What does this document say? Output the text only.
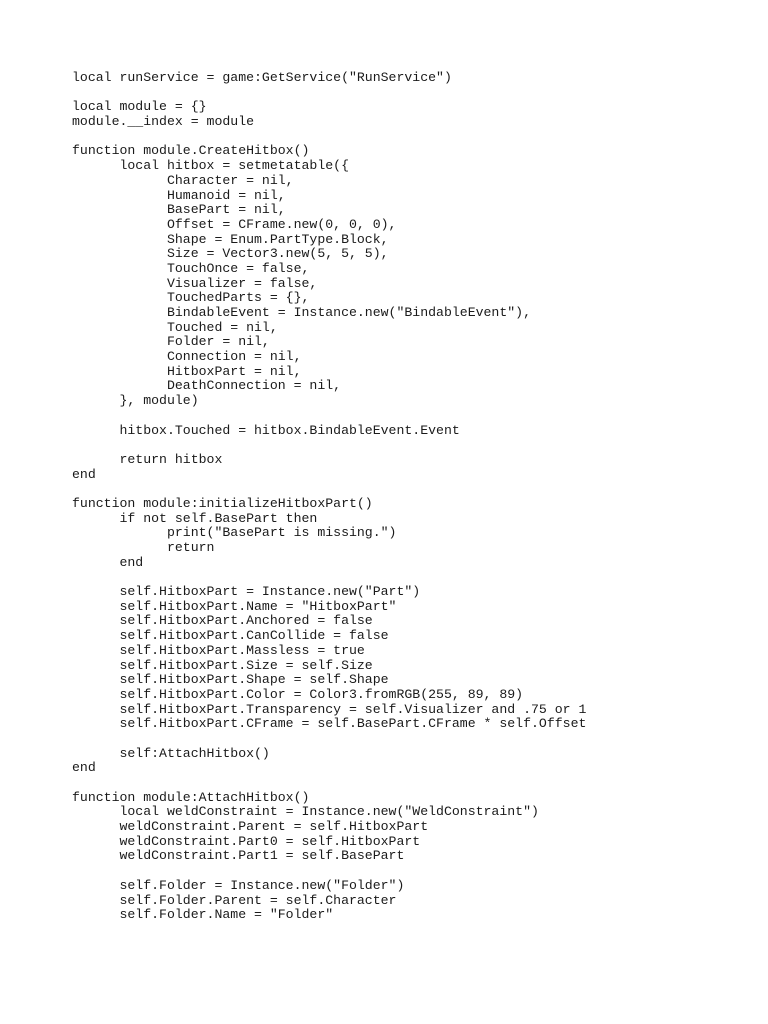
local runService = game:GetService("RunService")
local module = {}
module.__index = module
function module.CreateHitbox()
local hitbox = setmetatable({
Character = nil,
Humanoid = nil,
BasePart = nil,
Offset = CFrame.new(0, 0, 0),
Shape = Enum.PartType.Block,
Size = Vector3.new(5, 5, 5),
TouchOnce = false,
Visualizer = false,
TouchedParts = {},
BindableEvent = Instance.new("BindableEvent"),
Touched = nil,
Folder = nil,
Connection = nil,
HitboxPart = nil,
DeathConnection = nil,
}, module)
hitbox.Touched = hitbox.BindableEvent.Event
return hitbox
end
function module:initializeHitboxPart()
if not self.BasePart then
print("BasePart is missing.")
return
end
self.HitboxPart = Instance.new("Part")
self.HitboxPart.Name = "HitboxPart"
self.HitboxPart.Anchored = false
self.HitboxPart.CanCollide = false
self.HitboxPart.Massless = true
self.HitboxPart.Size = self.Size
self.HitboxPart.Shape = self.Shape
self.HitboxPart.Color = Color3.fromRGB(255, 89, 89)
self.HitboxPart.Transparency = self.Visualizer and .75 or 1
self.HitboxPart.CFrame = self.BasePart.CFrame * self.Offset
self:AttachHitbox()
end
function module:AttachHitbox()
local weldConstraint = Instance.new("WeldConstraint")
weldConstraint.Parent = self.HitboxPart
weldConstraint.Part0 = self.HitboxPart
weldConstraint.Part1 = self.BasePart
self.Folder = Instance.new("Folder")
self.Folder.Parent = self.Character
self.Folder.Name = "Folder"
